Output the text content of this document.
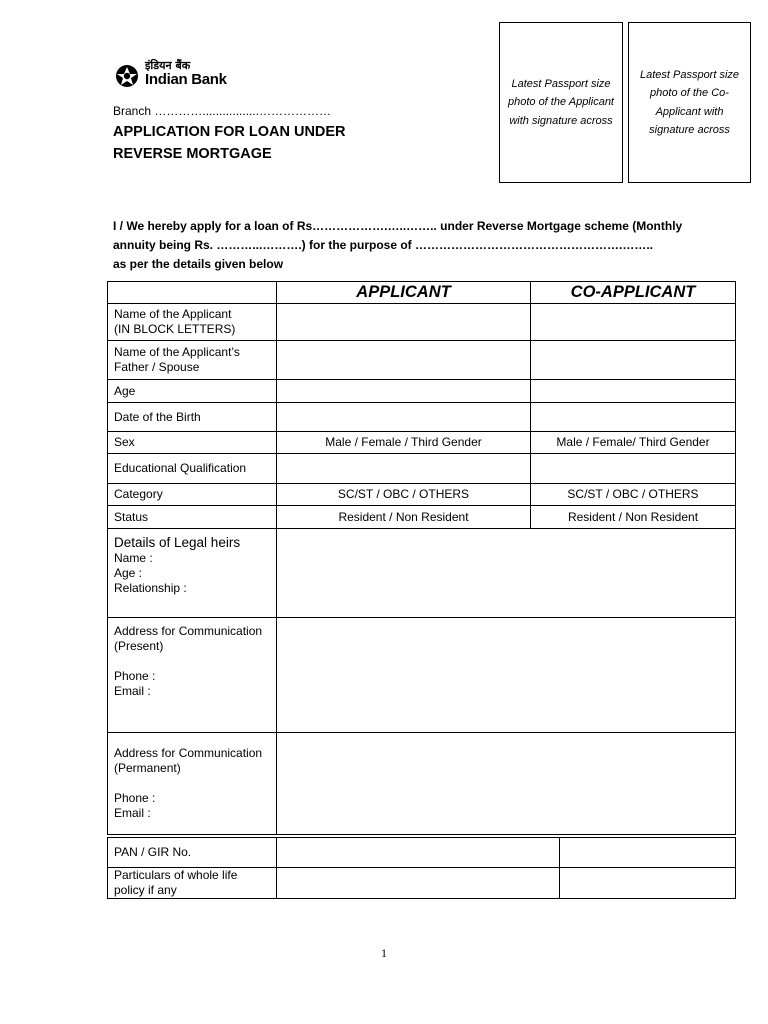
इंडियन बैंक
Indian Bank
Branch ………….................………………
APPLICATION FOR LOAN UNDER
REVERSE MORTGAGE
Latest Passport size photo of the Applicant with signature across
Latest Passport size photo of the Co-Applicant with signature across

I / We hereby apply for a loan of Rs……………….…..…….. under Reverse Mortgage scheme (Monthly

annuity being Rs. ………...……….) for the purpose of …………………………………………….……..

as per the details given below

	APPLICANT	CO-APPLICANT
Name of the Applicant
(IN BLOCK LETTERS)		
Name of the Applicant’s
Father / Spouse		
Age		
Date of the Birth		
Sex	Male / Female / Third Gender	Male / Female/ Third Gender
Educational Qualification		
Category	SC/ST / OBC / OTHERS	SC/ST / OBC / OTHERS
Status	Resident / Non Resident	Resident / Non Resident

Details of Legal heirs
Name :
Age :
Relationship :		
Address for Communication
(Present)

Phone :
Email :		
Address for Communication
(Permanent)

Phone :
Email :		
PAN / GIR No.		
Particulars of whole life
policy if any		
1
